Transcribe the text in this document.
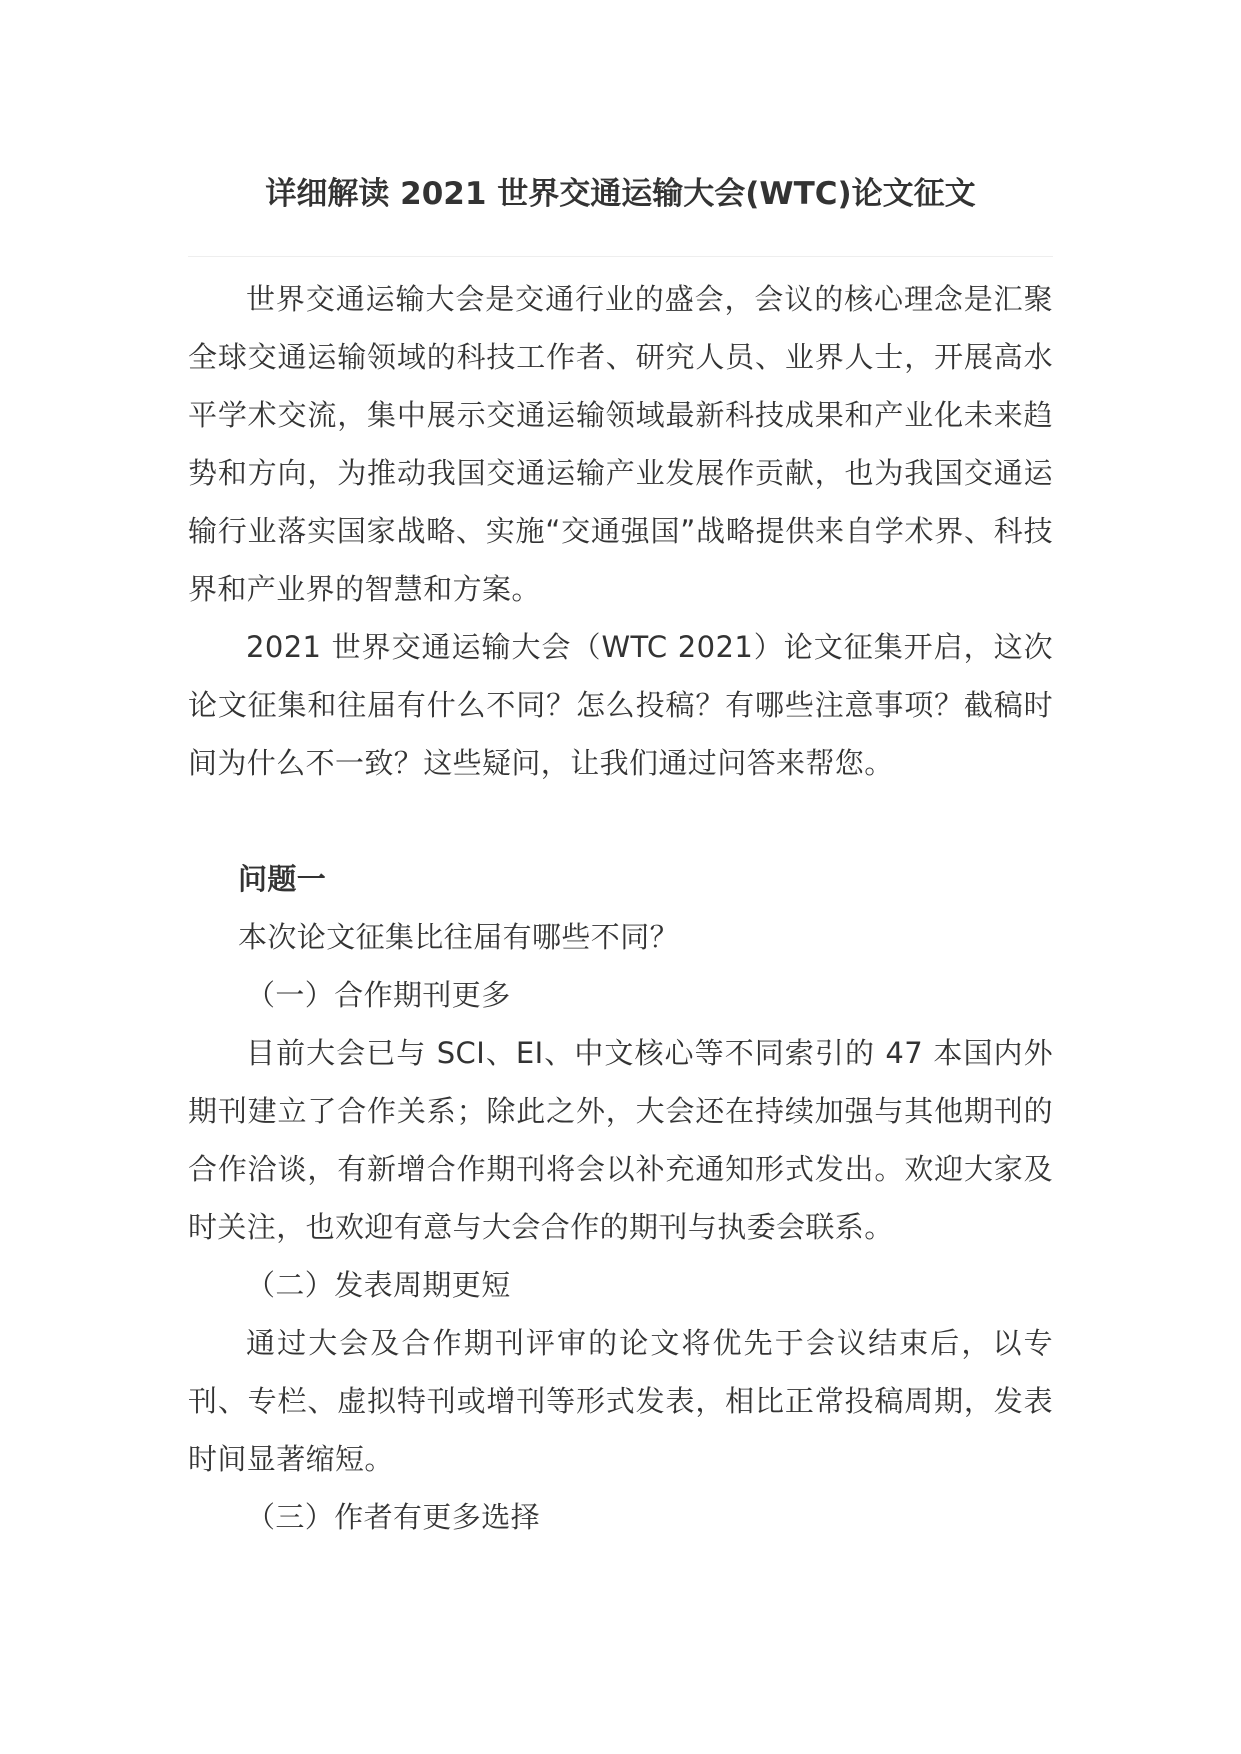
详细解读 2021 世界交通运输大会(WTC)论文征文

世界交通运输大会是交通行业的盛会，会议的核心理念是汇聚全球交通运输领域的科技工作者、研究人员、业界人士，开展高水平学术交流，集中展示交通运输领域最新科技成果和产业化未来趋势和方向，为推动我国交通运输产业发展作贡献，也为我国交通运输行业落实国家战略、实施“交通强国”战略提供来自学术界、科技界和产业界的智慧和方案。

2021 世界交通运输大会（WTC 2021）论文征集开启，这次论文征集和往届有什么不同？怎么投稿？有哪些注意事项？截稿时间为什么不一致？这些疑问，让我们通过问答来帮您。

问题一

本次论文征集比往届有哪些不同？

（一）合作期刊更多

目前大会已与 SCI、EI、中文核心等不同索引的 47 本国内外期刊建立了合作关系；除此之外，大会还在持续加强与其他期刊的合作洽谈，有新增合作期刊将会以补充通知形式发出。欢迎大家及时关注，也欢迎有意与大会合作的期刊与执委会联系。

（二）发表周期更短

通过大会及合作期刊评审的论文将优先于会议结束后，以专刊、专栏、虚拟特刊或增刊等形式发表，相比正常投稿周期，发表时间显著缩短。

（三）作者有更多选择
